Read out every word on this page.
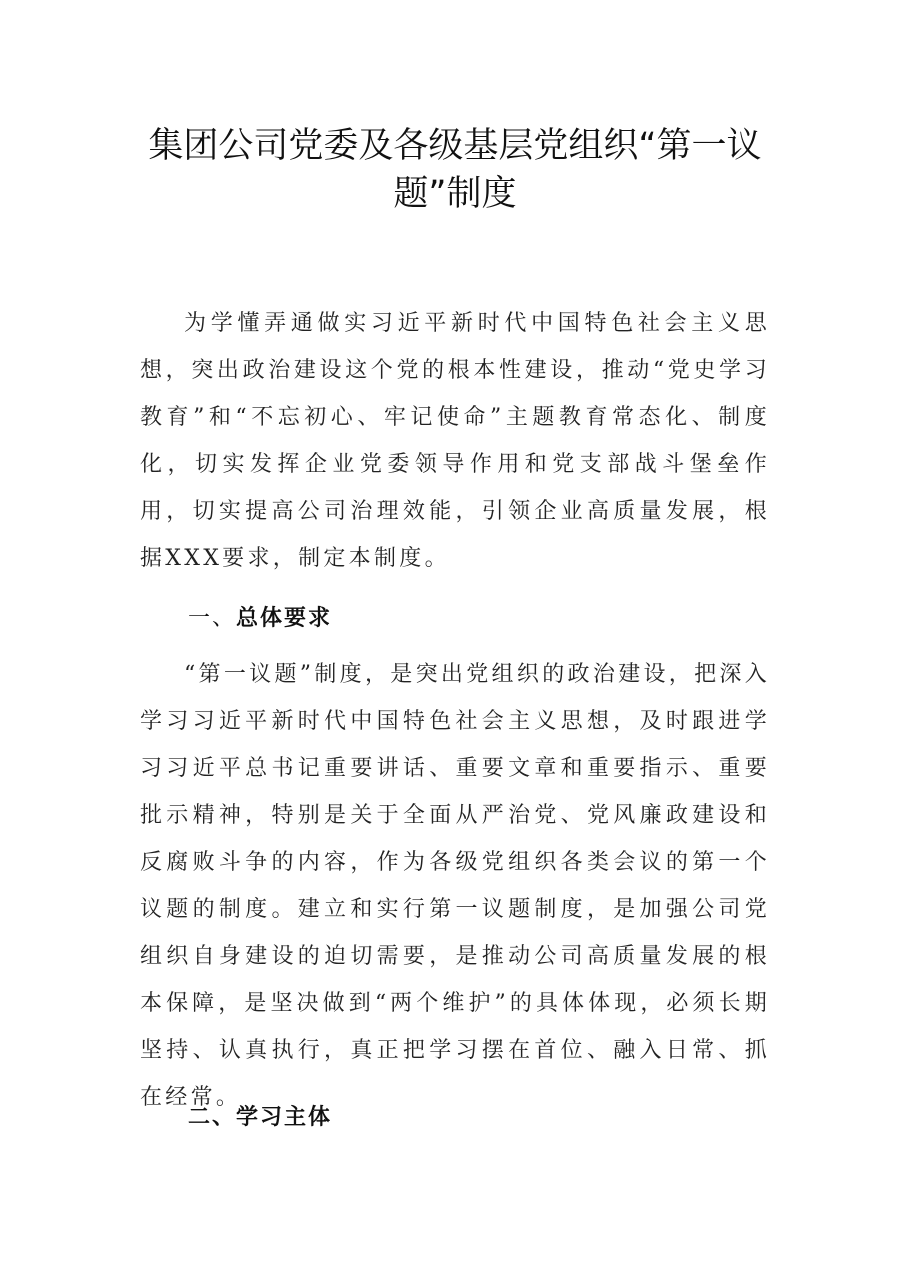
集团公司党委及各级基层党组织“第一议题”制度

为学懂弄通做实习近平新时代中国特色社会主义思想，突出政治建设这个党的根本性建设，推动“党史学习教育”和“不忘初心、牢记使命”主题教育常态化、制度化，切实发挥企业党委领导作用和党支部战斗堡垒作用，切实提高公司治理效能，引领企业高质量发展，根据XXX要求，制定本制度。

一、总体要求

“第一议题”制度，是突出党组织的政治建设，把深入学习习近平新时代中国特色社会主义思想，及时跟进学习习近平总书记重要讲话、重要文章和重要指示、重要批示精神，特别是关于全面从严治党、党风廉政建设和反腐败斗争的内容，作为各级党组织各类会议的第一个议题的制度。建立和实行第一议题制度，是加强公司党组织自身建设的迫切需要，是推动公司高质量发展的根本保障，是坚决做到“两个维护”的具体体现，必须长期坚持、认真执行，真正把学习摆在首位、融入日常、抓在经常。

二、学习主体
